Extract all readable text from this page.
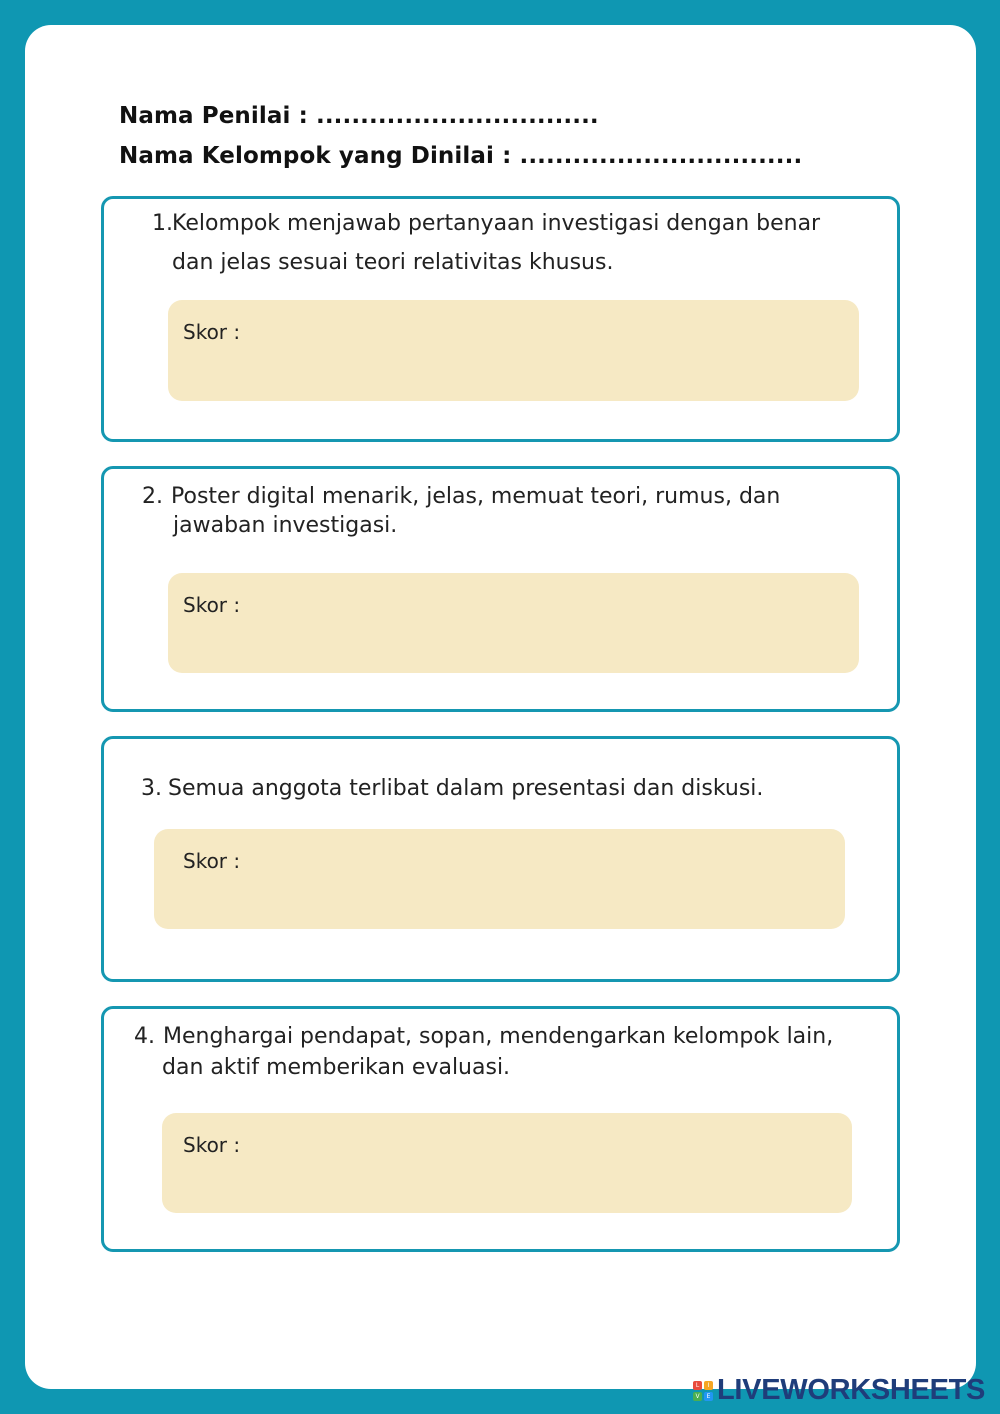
Nama Penilai : ................................
Nama Kelompok yang Dinilai : ................................
1. Kelompok menjawab pertanyaan investigasi dengan benar
dan jelas sesuai teori relativitas khusus.
Skor :
2. Poster digital menarik, jelas, memuat teori, rumus, dan
jawaban investigasi.
Skor :
3. Semua anggota terlibat dalam presentasi dan diskusi.
Skor :
4. Menghargai pendapat, sopan, mendengarkan kelompok lain,
dan aktif memberikan evaluasi.
Skor :
L	I
V	E LIVEWORKSHEETS
